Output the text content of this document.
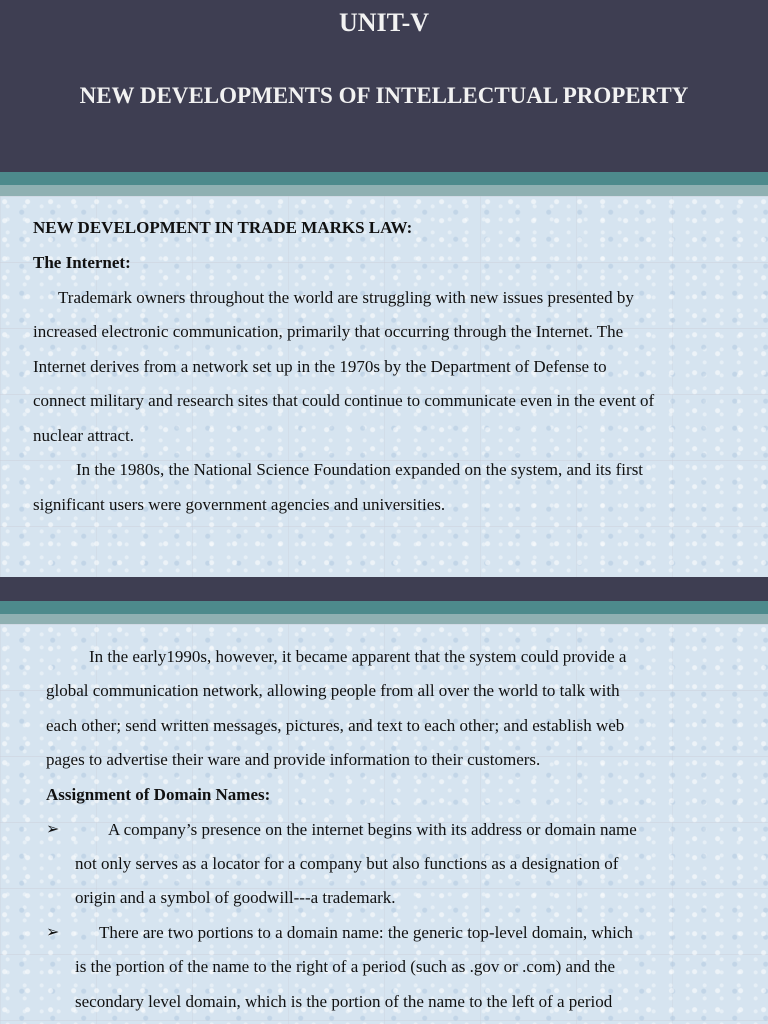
UNIT-V
NEW DEVELOPMENTS OF INTELLECTUAL PROPERTY
NEW DEVELOPMENT IN TRADE MARKS LAW:
The Internet:
Trademark owners throughout the world are struggling with new issues presented by
increased electronic communication, primarily that occurring through the Internet. The
Internet derives from a network set up in the 1970s by the Department of Defense to
connect military and research sites that could continue to communicate even in the event of
nuclear attract.
In the 1980s, the National Science Foundation expanded on the system, and its first
significant users were government agencies and universities.
In the early1990s, however, it became apparent that the system could provide a
global communication network, allowing people from all over the world to talk with
each other; send written messages, pictures, and text to each other; and establish web
pages to advertise their ware and provide information to their customers.
Assignment of Domain Names:
➢	A company’s presence on the internet begins with its address or domain name
not only serves as a locator for a company but also functions as a designation of
origin and a symbol of goodwill---a trademark.
➢ There are two portions to a domain name: the generic top-level domain, which
is the portion of the name to the right of a period (such as .gov or .com) and the
secondary level domain, which is the portion of the name to the left of a period
